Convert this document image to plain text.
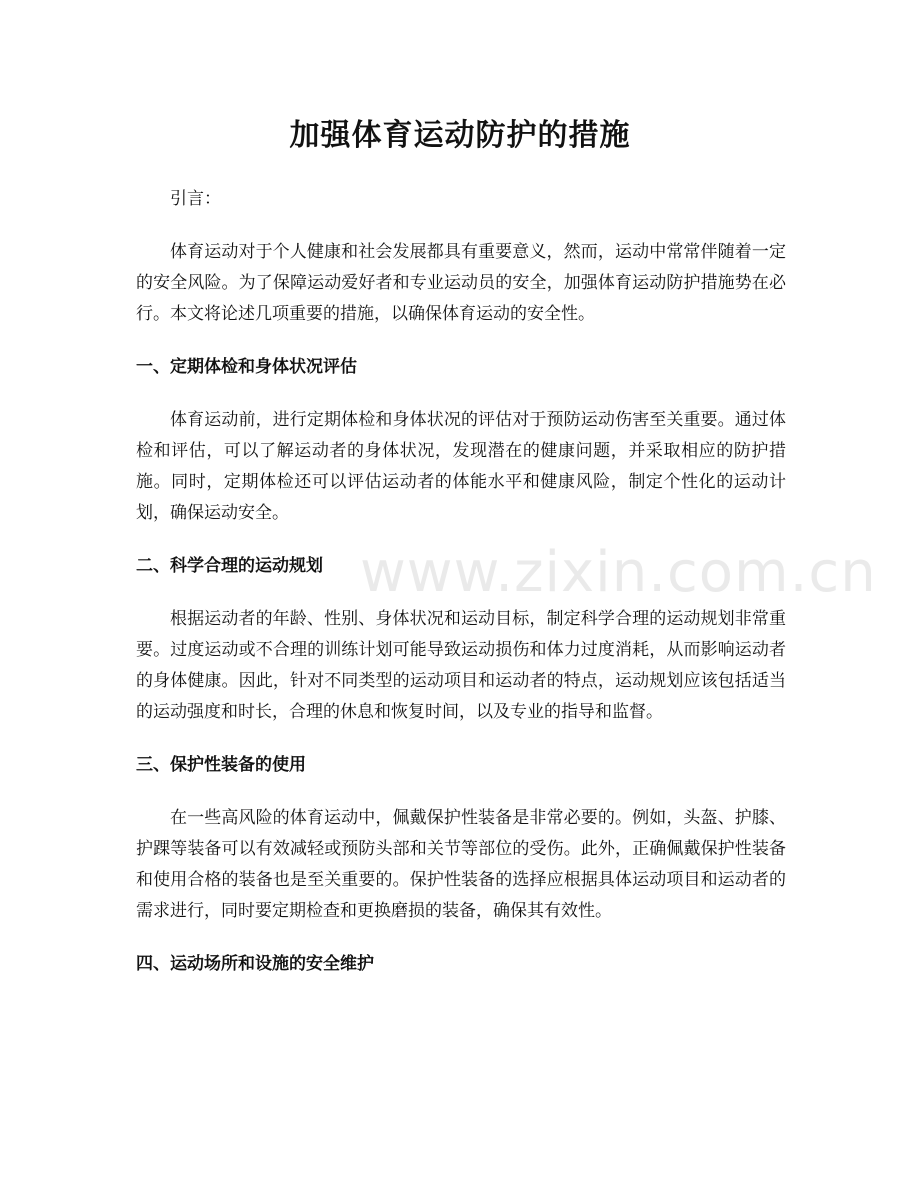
加强体育运动防护的措施

引言：

体育运动对于个人健康和社会发展都具有重要意义，然而，运动中常常伴随着一定的安全风险。为了保障运动爱好者和专业运动员的安全，加强体育运动防护措施势在必行。本文将论述几项重要的措施，以确保体育运动的安全性。

一、定期体检和身体状况评估

体育运动前，进行定期体检和身体状况的评估对于预防运动伤害至关重要。通过体检和评估，可以了解运动者的身体状况，发现潜在的健康问题，并采取相应的防护措施。同时，定期体检还可以评估运动者的体能水平和健康风险，制定个性化的运动计划，确保运动安全。

二、科学合理的运动规划

根据运动者的年龄、性别、身体状况和运动目标，制定科学合理的运动规划非常重要。过度运动或不合理的训练计划可能导致运动损伤和体力过度消耗，从而影响运动者的身体健康。因此，针对不同类型的运动项目和运动者的特点，运动规划应该包括适当的运动强度和时长，合理的休息和恢复时间，以及专业的指导和监督。

三、保护性装备的使用

在一些高风险的体育运动中，佩戴保护性装备是非常必要的。例如，头盔、护膝、护踝等装备可以有效减轻或预防头部和关节等部位的受伤。此外，正确佩戴保护性装备和使用合格的装备也是至关重要的。保护性装备的选择应根据具体运动项目和运动者的需求进行，同时要定期检查和更换磨损的装备，确保其有效性。

四、运动场所和设施的安全维护
www.zixin.com.cn
